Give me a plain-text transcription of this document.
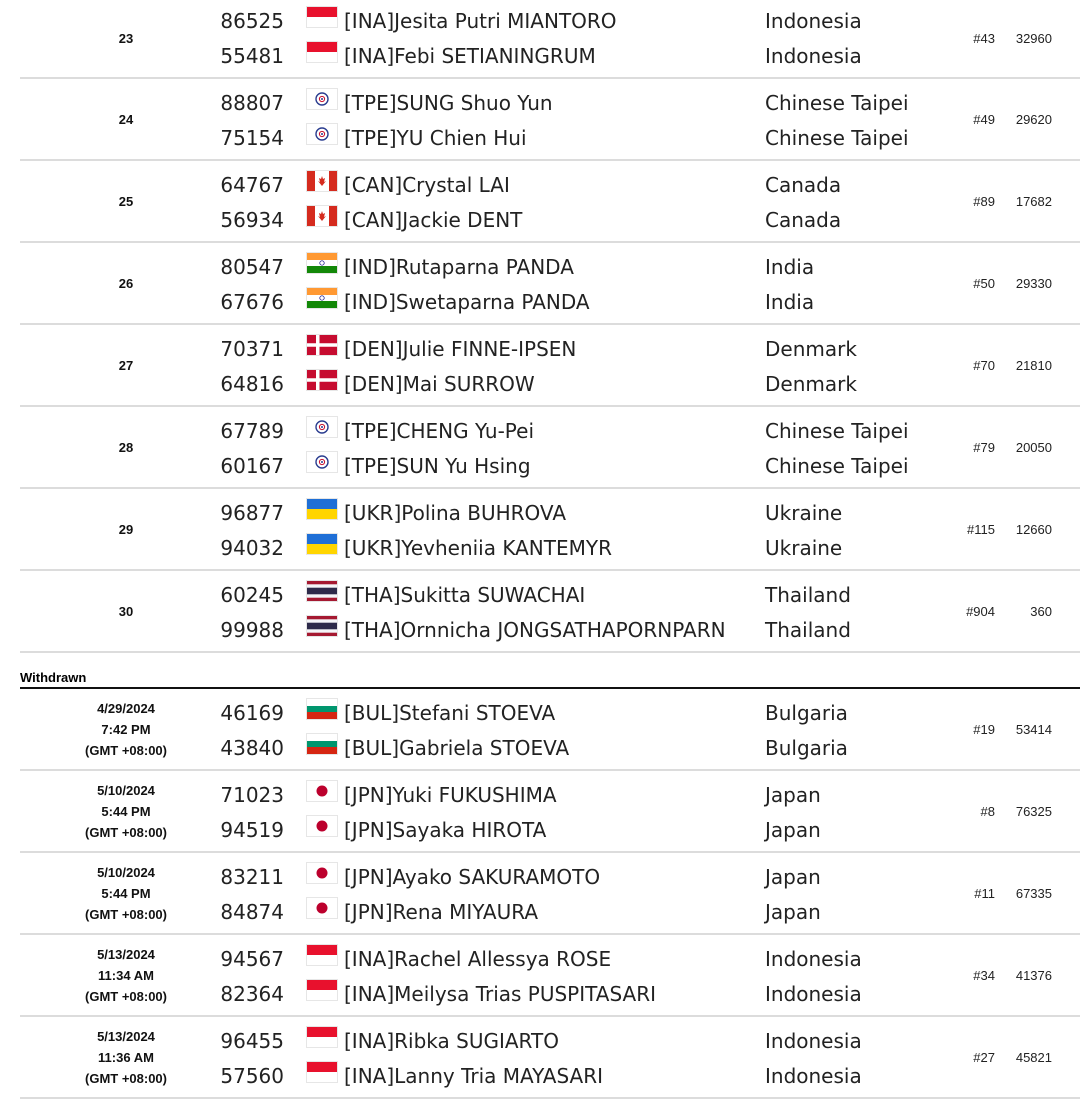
23
86525	[INA]Jesita Putri MIANTORO	Indonesia
55481	[INA]Febi SETIANINGRUM	Indonesia
#43 32960
24
88807	[TPE]SUNG Shuo Yun	Chinese Taipei
75154	[TPE]YU Chien Hui	Chinese Taipei
#49 29620
25
64767	[CAN]Crystal LAI	Canada
56934	[CAN]Jackie DENT	Canada
#89 17682
26
80547	[IND]Rutaparna PANDA	India
67676	[IND]Swetaparna PANDA	India
#50 29330
27
70371	[DEN]Julie FINNE-IPSEN	Denmark
64816	[DEN]Mai SURROW	Denmark
#70 21810
28
67789	[TPE]CHENG Yu-Pei	Chinese Taipei
60167	[TPE]SUN Yu Hsing	Chinese Taipei
#79 20050
29
96877	[UKR]Polina BUHROVA	Ukraine
94032	[UKR]Yevheniia KANTEMYR	Ukraine
#115 12660
30
60245	[THA]Sukitta SUWACHAI	Thailand
99988	[THA]Ornnicha JONGSATHAPORNPARN Thailand
#904	360
Withdrawn
4/29/2024
7:42 PM
(GMT +08:00)
46169	[BUL]Stefani STOEVA	Bulgaria
43840	[BUL]Gabriela STOEVA	Bulgaria
#19 53414
5/10/2024
5:44 PM
(GMT +08:00)
71023	[JPN]Yuki FUKUSHIMA	Japan
94519	[JPN]Sayaka HIROTA	Japan
#8 76325
5/10/2024
5:44 PM
(GMT +08:00)
83211	[JPN]Ayako SAKURAMOTO	Japan
84874	[JPN]Rena MIYAURA	Japan
#11 67335
5/13/2024
11:34 AM
(GMT +08:00)
94567	[INA]Rachel Allessya ROSE	Indonesia
82364	[INA]Meilysa Trias PUSPITASARI	Indonesia
#34 41376
5/13/2024
11:36 AM
(GMT +08:00)
96455	[INA]Ribka SUGIARTO	Indonesia
57560	[INA]Lanny Tria MAYASARI	Indonesia
#27 45821
